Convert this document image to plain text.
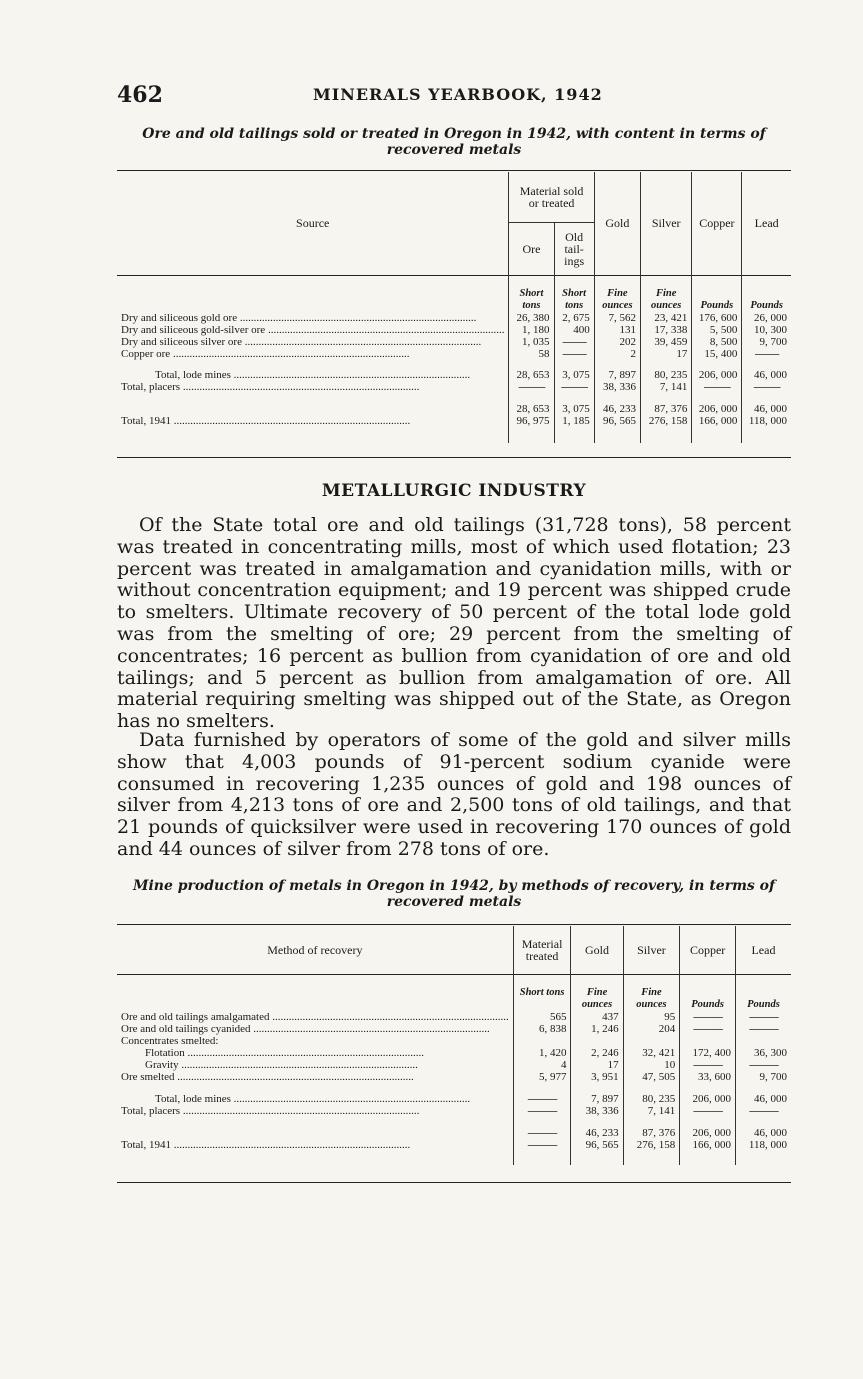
462	MINERALS YEARBOOK, 1942
Ore and old tailings sold or treated in Oregon in 1942, with content in terms of recovered metals
Source	Material sold or treated		Gold	Silver	Copper	Lead
	Ore	Old tail-ings				
	Short tons	Short tons	Fine ounces	Fine ounces	Pounds	Pounds
Dry and siliceous gold ore .....	26, 380	2, 675	7, 562	23, 421	176, 600	26, 000
Dry and siliceous gold-silver ore .....	1, 180	400	131	17, 338	5, 500	10, 300
Dry and siliceous silver ore .....	1, 035	---------	202	39, 459	8, 500	9, 700
Copper ore .....	58	---------	2	17	15, 400	---------

Total, lode mines .....	28, 653	3, 075	7, 897	80, 235	206, 000	46, 000
Total, placers .....	----------	----------	38, 336	7, 141	----------	----------

	28, 653	3, 075	46, 233	87, 376	206, 000	46, 000
Total, 1941 .....	96, 975	1, 185	96, 565	276, 158	166, 000	118, 000
METALLURGIC INDUSTRY

Of the State total ore and old tailings (31,728 tons), 58 percent was treated in concentrating mills, most of which used flotation; 23 percent was treated in amalgamation and cyanidation mills, with or without concentration equipment; and 19 percent was shipped crude to smelters. Ultimate recovery of 50 percent of the total lode gold was from the smelting of ore; 29 percent from the smelting of concentrates; 16 percent as bullion from cyanidation of ore and old tailings; and 5 percent as bullion from amalgamation of ore. All material requiring smelting was shipped out of the State, as Oregon has no smelters.

Data furnished by operators of some of the gold and silver mills show that 4,003 pounds of 91-percent sodium cyanide were consumed in recovering 1,235 ounces of gold and 198 ounces of silver from 4,213 tons of ore and 2,500 tons of old tailings, and that 21 pounds of quicksilver were used in recovering 170 ounces of gold and 44 ounces of silver from 278 tons of ore.

Mine production of metals in Oregon in 1942, by methods of recovery, in terms of recovered metals
Method of recovery	Material treated	Gold	Silver	Copper	Lead
	Short tons	Fine ounces	Fine ounces	Pounds	Pounds
Ore and old tailings amalgamated .....	565	437	95	-----------	-----------
Ore and old tailings cyanided .....	6, 838	1, 246	204	-----------	-----------
Concentrates smelted:					
Flotation .....	1, 420	2, 246	32, 421	172, 400	36, 300
Gravity .....	4	17	10	-----------	-----------
Ore smelted .....	5, 977	3, 951	47, 505	33, 600	9, 700

Total, lode mines .....	-----------	7, 897	80, 235	206, 000	46, 000
Total, placers .....	-----------	38, 336	7, 141	-----------	-----------

	-----------	46, 233	87, 376	206, 000	46, 000
Total, 1941 .....	-----------	96, 565	276, 158	166, 000	118, 000
